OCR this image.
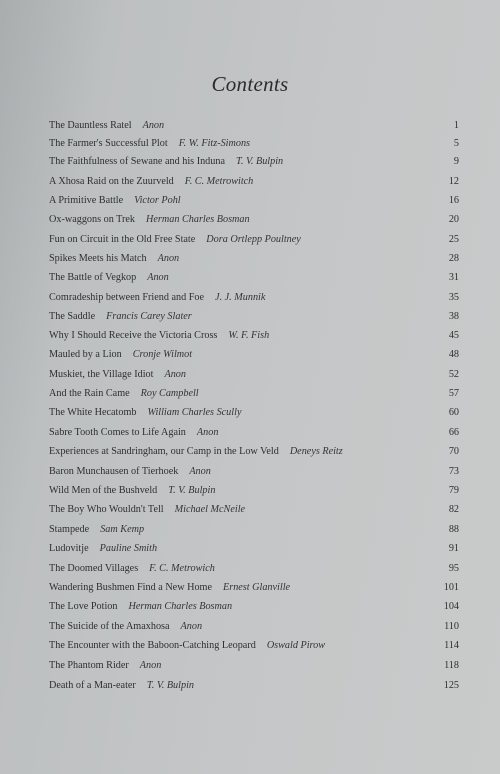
Contents
The Dauntless Ratel Anon	1
The Farmer's Successful Plot F. W. Fitz-Simons	5
The Faithfulness of Sewane and his Induna T. V. Bulpin	9
A Xhosa Raid on the Zuurveld F. C. Metrowitch	12
A Primitive Battle Victor Pohl	16
Ox-waggons on Trek Herman Charles Bosman	20
Fun on Circuit in the Old Free State Dora Ortlepp Poultney	25
Spikes Meets his Match Anon	28
The Battle of Vegkop Anon	31
Comradeship between Friend and Foe J. J. Munnik	35
The Saddle Francis Carey Slater	38
Why I Should Receive the Victoria Cross W. F. Fish	45
Mauled by a Lion Cronje Wilmot	48
Muskiet, the Village Idiot Anon	52
And the Rain Came Roy Campbell	57
The White Hecatomb William Charles Scully	60
Sabre Tooth Comes to Life Again Anon	66
Experiences at Sandringham, our Camp in the Low Veld Deneys Reitz	70
Baron Munchausen of Tierhoek Anon	73
Wild Men of the Bushveld T. V. Bulpin	79
The Boy Who Wouldn't Tell Michael McNeile	82
Stampede Sam Kemp	88
Ludovitje Pauline Smith	91
The Doomed Villages F. C. Metrowich	95
Wandering Bushmen Find a New Home Ernest Glanville	101
The Love Potion Herman Charles Bosman	104
The Suicide of the Amaxhosa Anon	110
The Encounter with the Baboon-Catching Leopard Oswald Pirow	114
The Phantom Rider Anon	118
Death of a Man-eater T. V. Bulpin	125
